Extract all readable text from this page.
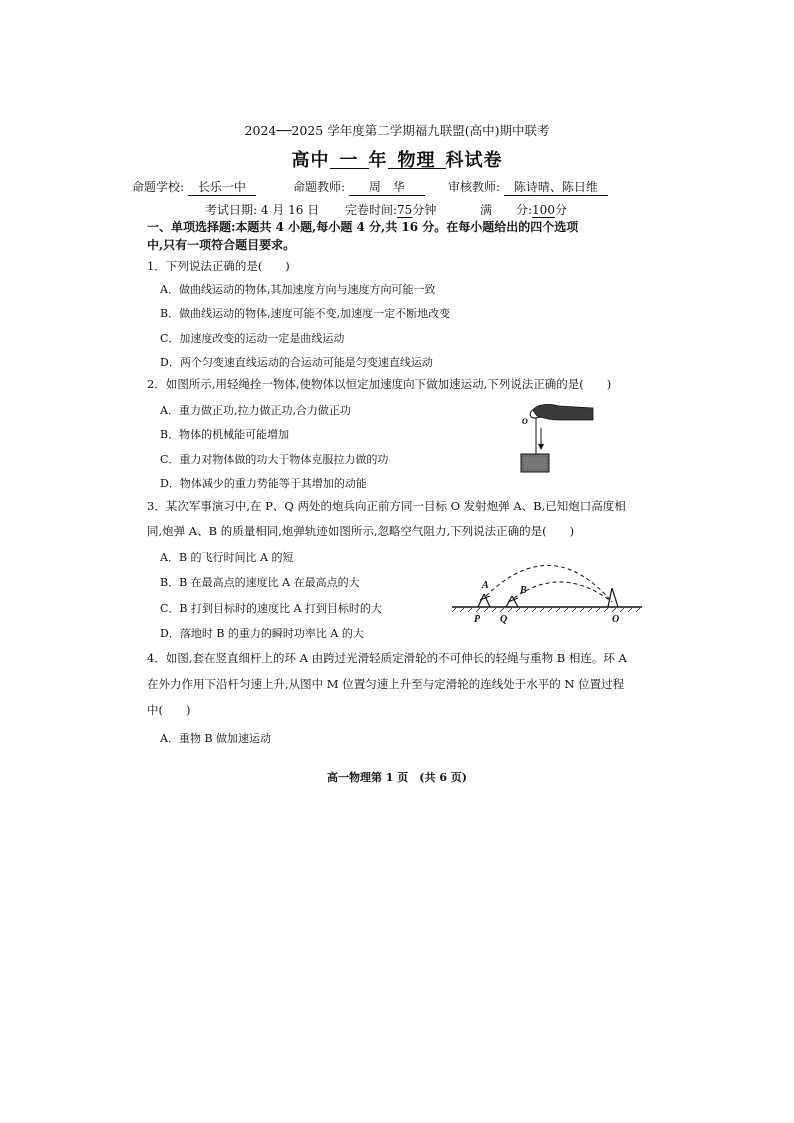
2024──2025 学年度第二学期福九联盟(高中)期中联考
高中 一 年 物理 科试卷
命题学校: 长乐一中	命题教师: 周　华	审核教师: 陈诗晴、陈日维
考试日期: 4 月 16 日 完卷时间:75分钟	满　　分:100分
一、单项选择题:本题共 4 小题,每小题 4 分,共 16 分。在每小题给出的四个选项
中,只有一项符合题目要求。
1．下列说法正确的是(　　)
A．做曲线运动的物体,其加速度方向与速度方向可能一致
B．做曲线运动的物体,速度可能不变,加速度一定不断地改变
C．加速度改变的运动一定是曲线运动
D．两个匀变速直线运动的合运动可能是匀变速直线运动
2．如图所示,用轻绳拴一物体,使物体以恒定加速度向下做加速运动,下列说法正确的是(　　)
A．重力做正功,拉力做正功,合力做正功
B．物体的机械能可能增加
C．重力对物体做的功大于物体克服拉力做的功
D．物体减少的重力势能等于其增加的动能
O
3．某次军事演习中,在 P、Q 两处的炮兵向正前方同一目标 O 发射炮弹 A、B,已知炮口高度相
同,炮弹 A、B 的质量相同,炮弹轨迹如图所示,忽略空气阻力,下列说法正确的是(　　)
A．B 的飞行时间比 A 的短
B．B 在最高点的速度比 A 在最高点的大
C．B 打到目标时的速度比 A 打到目标时的大
D．落地时 B 的重力的瞬时功率比 A 的大
A	B
P Q	O
4．如图,套在竖直细杆上的环 A 由跨过光滑轻质定滑轮的不可伸长的轻绳与重物 B 相连。环 A
在外力作用下沿杆匀速上升,从图中 M 位置匀速上升至与定滑轮的连线处于水平的 N 位置过程
中(　　)
A．重物 B 做加速运动
高一物理第 1 页　(共 6 页)
